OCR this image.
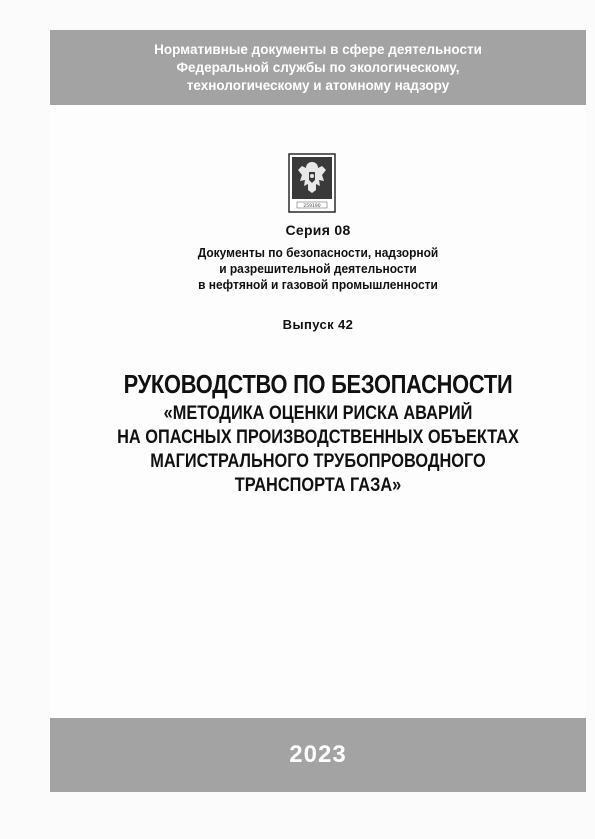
Нормативные документы в сфере деятельности
Федеральной службы по экологическому,
технологическому и атомному надзору
259190
Серия 08
Документы по безопасности, надзорной
и разрешительной деятельности
в нефтяной и газовой промышленности
Выпуск 42
РУКОВОДСТВО ПО БЕЗОПАСНОСТИ
«МЕТОДИКА ОЦЕНКИ РИСКА АВАРИЙ
НА ОПАСНЫХ ПРОИЗВОДСТВЕННЫХ ОБЪЕКТАХ
МАГИСТРАЛЬНОГО ТРУБОПРОВОДНОГО
ТРАНСПОРТА ГАЗА»
2023
